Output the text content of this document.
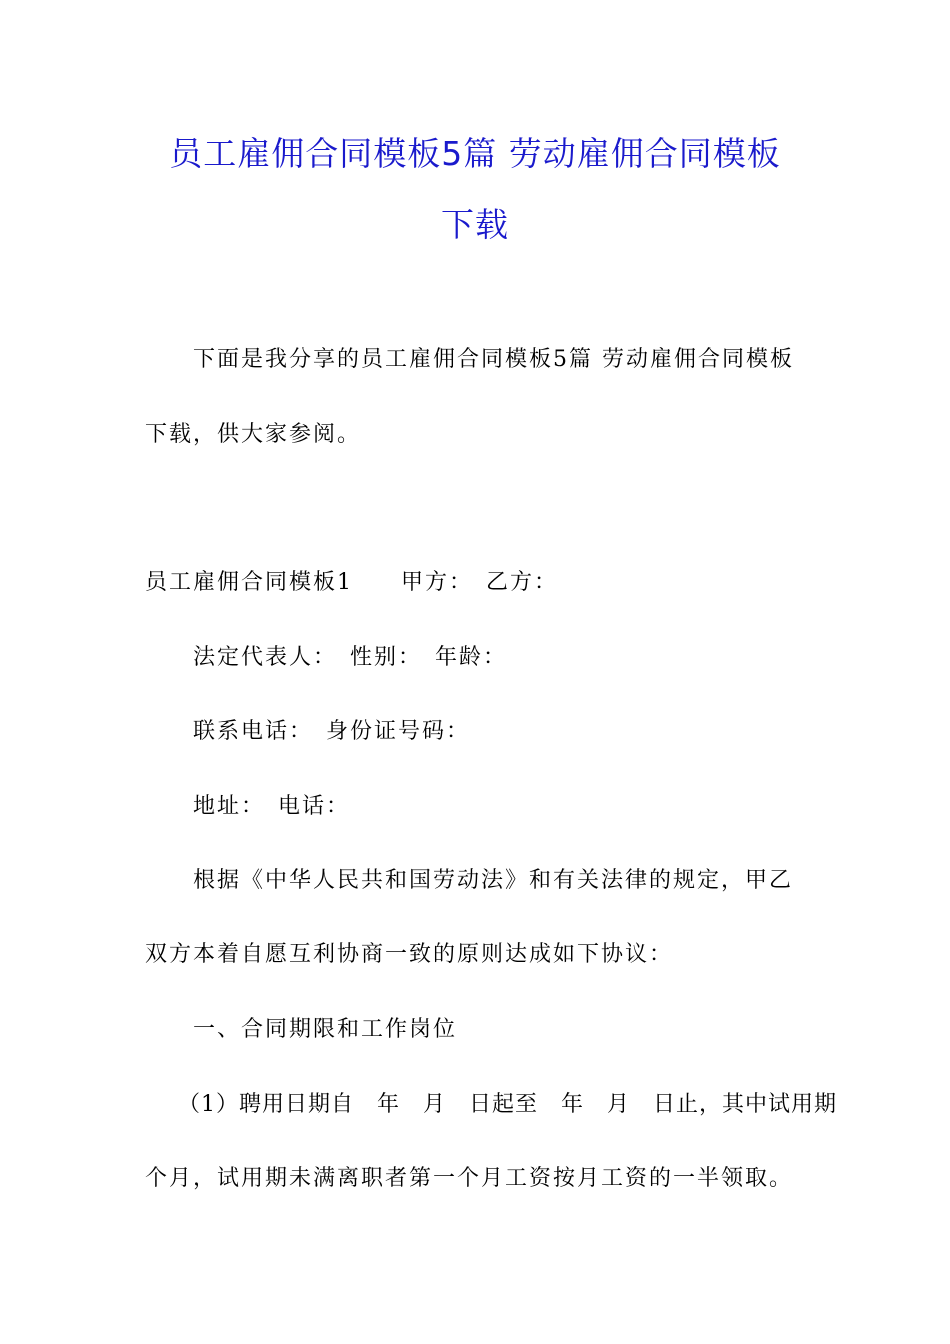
员工雇佣合同模板5篇 劳动雇佣合同模板
下载
下面是我分享的员工雇佣合同模板5篇 劳动雇佣合同模板
下载，供大家参阅。
员工雇佣合同模板1　　甲方：　乙方：
法定代表人：　性别：　年龄：
联系电话：　身份证号码：
地址：　电话：
根据《中华人民共和国劳动法》和有关法律的规定，甲乙
双方本着自愿互利协商一致的原则达成如下协议：
一、合同期限和工作岗位
（1）聘用日期自　年　月　日起至　年　月　日止，其中试用期
个月，试用期未满离职者第一个月工资按月工资的一半领取。
